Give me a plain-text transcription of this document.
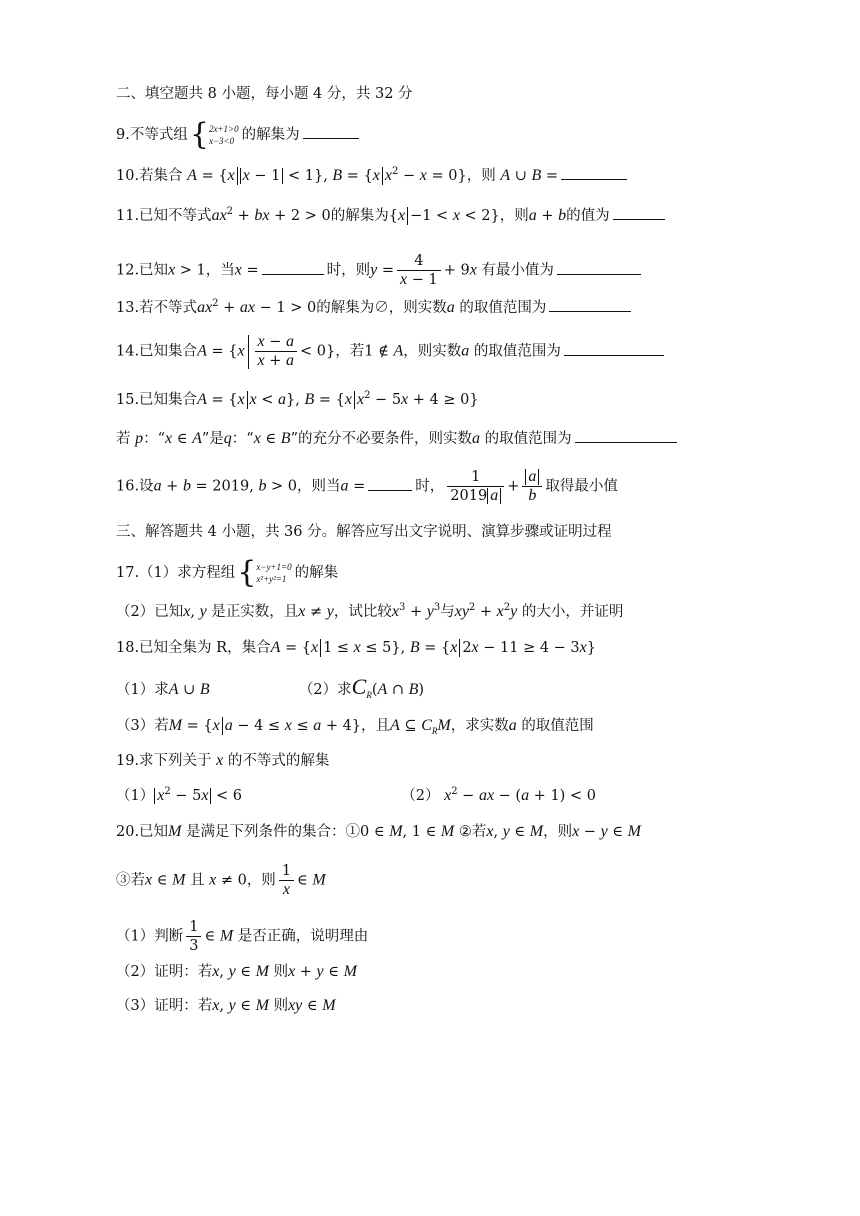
二、填空题共 8 小题，每小题 4 分，共 32 分
9.不等式组{ 2x+1>0
x−3<0 的解集为
10.若集合 A = {x x − 1 < 1}, B = {x $x^2 - x = 0$}，则 A ∪ B =
11.已知不等式$ax^2$ + bx + 2 > 0的解集为{x −1 < x < 2}，则a + b的值为
12.已知x > 1，当x =	时，则$y = \frac{4}{x - 1} + 9x$ 有最小值为
13.若不等式$ax^2$ + ax − 1 > 0的解集为∅，则实数a 的取值范围为
14.已知集合$A = \{x \frac{x - a}{x + a} < 0\}$，若1 ∉ A，则实数a 的取值范围为
15.已知集合A = {x x < a}, B = {x $x^2 - 5x + 4 \ge 0$}
若 p：“x ∈ A”是q：“x ∈ B”的充分不必要条件，则实数a 的取值范围为
16.设a + b = 2019, b > 0，则当a =	时， $\frac{1}{2019 a} + \frac{a}{b}$ 取得最小值
三、解答题共 4 小题，共 36 分。解答应写出文字说明、演算步骤或证明过程
17.（1）求方程组{ x−y+1=0
x²+y²=1 的解集
（2）已知x, y 是正实数，且x ≠ y，试比较$x^3 + y^3$与$xy^2 + x^2y$ 的大小，并证明
18.已知全集为 R，集合A = {x 1 ≤ x ≤ 5}, B = {x 2x − 11 ≥ 4 − 3x}
（1）求A ∪ B	（2）求$C_R(A$ ∩ B)
（3）若M = {x a − 4 ≤ x ≤ a + 4}，且A ⊆ $C_RM$，求实数a 的取值范围
19.求下列关于 x 的不等式的解集
（1） $x^2 - 5x < 6$	（2） $x^2$ − ax − (a + 1) < 0
20.已知M 是满足下列条件的集合：①0 ∈ M, 1 ∈ M ②若x, y ∈ M，则x − y ∈ M
③若x ∈ M 且 x ≠ 0，则 $\frac{1}{x}$ ∈ M
（1）判断 $\frac{1}{3}$ ∈ M 是否正确，说明理由
（2）证明：若x, y ∈ M 则x + y ∈ M
（3）证明：若x, y ∈ M 则xy ∈ M
